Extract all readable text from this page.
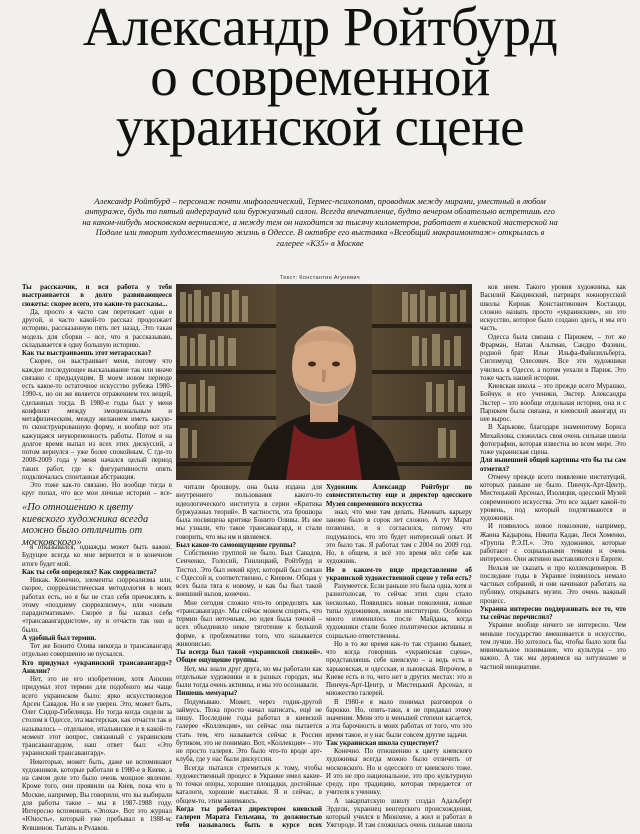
Александр Ройтбурд
о современной
украинской сцене
Александр Ройтбурд – персонаж почти мифологический, Термес-психопомп, проводник между мирами, уместный в любом антураже, будь то пятый андерграунд или буржуазный салон. Всегда впечатление, будто вечером облательно встретишь его на каком-нибудь московском вернисаже, а между тем он находится за тысячу километров, работает в киевской мастерской на Подоле или творит художественную жизнь в Одессе. В октябре его выставка «Всеобщий макраимонтаж» открылась в галерее «К35» в Москве
Текст: Константин Агуневич

Ты рассказчик, и вся работа у тебя выстраивается в долго развивающееся сюжеты: скорее всего, это какие-то рассказы...

Да, просто я часто сам перетекает одни в другой, и часто какой-то рассказ продолжает историю, рассказанную пять лет назад. Это такая модель для сборки – все, что я рассказываю, складывается в одну большую историю.

Как ты выстраиваешь этот метарассказ?

Скорее, он выстраивает меня, потому что каждое последующее высказывание так или иначе связано с предыдущим. В моем новом периоде есть какое-то остаточное искусство рубежа 1980-1990-х, но он же является отражением тех вещей, сделанных тогда. В 1980-е годы был у меня конфликт между эмоциональным и метафизическим, между желанием иметь какую-то сконструированную форму, и вообще вот эта кажущаяся неукорененность работы. Потом я на долгое время выпал из всех этих дискуссий, а потом вернулся – уже более спокойным. С где-то 2008-2009 года у меня начался целый период таких работ, где к фигуративности опять подключалась спонтанная абстракция.

Это тоже как-то связано. Но вообще тогда в круг попал, что все мои личные истории – все-

«По отношению к цвету киевского художника всегда можно было отличить от московского»

я отказывался, однажды может быть важно. Будущее всегда ко мне вернется и в конечном итоге будет мой.

Как ты себя определял? Как сюрреалиста?

Никак. Конечно, элементы сюрреализма или, скорее, сюрреалистическая методология в моих работах есть, но я бы не стал себя причислять к этому «позднему сюрреализму», или «новым парадигматикам». Скорее я бы назвал себя «трансавангардистом», ну и отчасти так оно и было.

А удобный был термин.

Тот же Бонито Олива никогда в трансавангард отдельно совершенно не пускался.

Кто придумал «украинский трансавангард»? Анилин?

Нет, это не его изобретение, хотя Анилин придумал этот термин для подобного мы чаще всего украинском было: ярко искусствоведов Арсен Савадов. Но я не уверен. Это, может быть, Олег Сидор-Гибелинда. Но тогда когда сидели за столом в Одессе, эта мастерская, как отчасти так и называлось – отдельное, итальянское и в какой-то момент этот вопрос, связанный с украинским трансавангардом, наш ответ был: «Это украинский трансавангард».

Некоторые, может быть, даже не вспоминают художников, которые работали в 1980-е в Киеве, а на самом деле это было очень мощное явление. Кроме того, они проявили на Киев, пока что в Москве, например, Вы говорили, что вы выбирали для работы такое – мы в 1987-1988 году. Интересно вспоминать «Эпоха». Вот это журнал «Юность», который уже пребывал в 1988-м: Кувшинов, Тытарь и Рудаков.

читали брошюру, она была издана для внутреннего пользования какого-то идеологического института в серии «Критика буржуазных теорий». В частности, эта брошюра была посвящена критике Бонито Оливы. Из нее мы узнали, что такое трансавангард, и стали говорить, что мы им и являемся.

Был какое-то самоощущение группы?

Собственно группой не было. Был Савадов, Сенченко, Голосий, Гнилицкий, Ройтбурд и Тистол. Это был некий круг, который был связан с Одессой и, соответственно, с Киевом. Общая у всех была тяга к новому, и как бы был такой внешний вызов, конечно.

Мне сегодня сложно что-то определять как «трансавангард». Мы сейчас можем спорить, что термин был неточным, но идея была точной – всех объединяло некое тяготение к большой форме, к проблематике того, что называется живописью.

Ты всегда был такой «украинской связкой». Общее ощущение группы.

Нет, мы знали друг друга, но мы работали как отдельные художники и в разных городах, мы были тогда очень активны, и мы это осознавали.

Пишешь мемуары?

Подумываю. Может, через годик-другой займусь. Пока просто начал написать, ещё не пишу. Последние годы работал в киевской галерее «Коллекция», но сейчас она пытается стать тем, что называется сейчас в России бутиком, это не понимаю. Вот, «Коллекция» – это не просто галерея. Это было что-то вроде арт-клуба, где у нас были дискуссии.

Всегда пытался стремиться к тому, чтобы художественный процесс в Украине имел какие-то точки опоры, хорошие площадки, достойные каталоги, хорошие выставки. Я и сейчас, в общем-то, этим занимаюсь.

Когда ты работал директором киевской галереи Марата Гельмана, то должностью тебя называлось быть в курсе всех

Художник Александр Ройтбург по совместительству еще и директор одесского Музея современного искусства

знал, что мне там делать. Начинать карьеру заново было в сорок лет сложно. А тут Марат позвонил, и я согласился, потому что подумалось, что это будет интересный опыт. И это было так. Я работал там с 2004 по 2009 год. Но, в общем, я всё это время вёл себя как художник.

Не в каком-то виде представление об украинской художественной сцене у тебя есть?

Разумеется. Если раньше это была одна, хотя и разноголосая, то сейчас этих сцен стало несколько. Появились новые поколения, новые типы художников, новые институции. Особенно много изменилось после Майдана, когда художники стали более политически активны и социально ответственны.

Но в то же время как-то так странно бывает, что когда говоришь «украинская сцена», представляешь себе киевскую – а ведь есть и харьковская, и одесская, и львовская. Впрочем, в Киеве есть и то, чего нет в других местах: это и Пинчук-Арт-Центр, и Мистецький Арсенал, и множество галерей.

В 1980-е я мало понимал разговоров о барокко. Но, опять-таки, я не придавал этому значения. Меня это в меньшей степени касается, а эта барочность в моих работах от того, что это время такое, и у нас были совсем другие задачи.

Так украинская школа существует?

Конечно. По отношению к цвету киевского художника всегда можно было отличить от московского. Но и одесского от киевского тоже. И это не про национальное, это про культурную среду, про традицию, которая передается от учителя к ученику.

А закарпатскую школу создал Адальберт Эрдели, украинец венгерского происхождения, который учился в Мюнхене, а жил и работал в Ужгороде. И там сложилась очень сильная школа

ков нием. Такого уровня художника, как Василий Кандинский, патриарх южнорусской школы Кириак Константинович Костанди, сложно назвать просто «украинским», но это искусство, которое было создано здесь, и мы его часть.

Одесса была связана с Парижем, – тот же Фрарман, Натан Альтман, Сандро Фазини, родной брат Ильи Ильфа-Файнзильберга, Сигизмунд Олесевич. Все эти художники учились в Одессе, а потом уехали в Париж. Это тоже часть нашей истории.

Киевская школа – это прежде всего Мурашко, Бойчук и его ученики, Экстер. Александра Экстер – это вообще отдельная история, она и с Парижем была связана, и киевский авангард из нее вырос.

В Харькове, благодаря знаменитому Бориса Михайлова, сложилась своя очень сильная школа фотографии, которая известна во всем мире. Это тоже украинская сцена.

Для нынешней общей картины что бы ты сам отметил?

Отмечу прежде всего появление институций, которых раньше не было. Пинчук-Арт-Центр, Мистецький Арсенал, Изоляция, одесский Музей современного искусства. Это все задает какой-то уровень, под который подтягиваются и художники.

И появилось новое поколение, например, Жанна Кадырова, Никита Кадан, Леся Хоменко, «Группа Р.Э.П.». Это художники, которые работают с социальными темами и очень интересно. Они активно выставляются в Европе.

Нельзя не сказать и про коллекционеров. В последние годы в Украине появилось немало частных собраний, и они начинают работать на публику, открывать музеи. Это очень важный процесс.

Украина интересно поддерживать все то, что ты сейчас перечислил?

Украине вообще ничего не интересно. Чем меньше государство вмешивается в искусство, тем лучше. Но хотелось бы, чтобы было хотя бы минимальное понимание, что культура – это важно. А так мы держимся на энтузиазме и частной инициативе.
